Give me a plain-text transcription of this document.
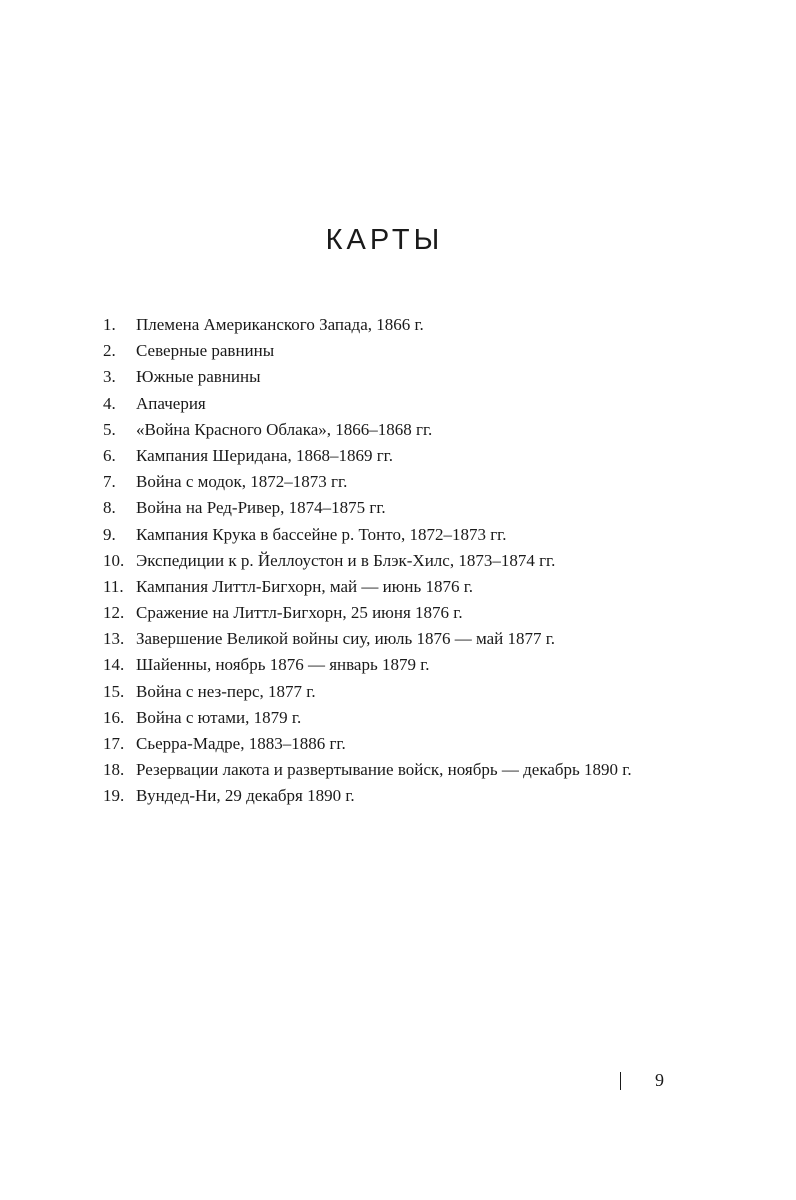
КАРТЫ
1.	Племена Американского Запада, 1866 г.
2.	Северные равнины
3.	Южные равнины
4.	Апачерия
5.	«Война Красного Облака», 1866–1868 гг.
6.	Кампания Шеридана, 1868–1869 гг.
7.	Война с модок, 1872–1873 гг.
8.	Война на Ред-Ривер, 1874–1875 гг.
9.	Кампания Крука в бассейне р. Тонто, 1872–1873 гг.
10. Экспедиции к р. Йеллоустон и в Блэк-Хилс, 1873–1874 гг.
11. Кампания Литтл-Бигхорн, май — июнь 1876 г.
12. Сражение на Литтл-Бигхорн, 25 июня 1876 г.
13. Завершение Великой войны сиу, июль 1876 — май 1877 г.
14. Шайенны, ноябрь 1876 — январь 1879 г.
15. Война с нез-перс, 1877 г.
16. Война с ютами, 1879 г.
17. Сьерра-Мадре, 1883–1886 гг.
18. Резервации лакота и развертывание войск, ноябрь — декабрь 1890 г.
19. Вундед-Ни, 29 декабря 1890 г.
9
